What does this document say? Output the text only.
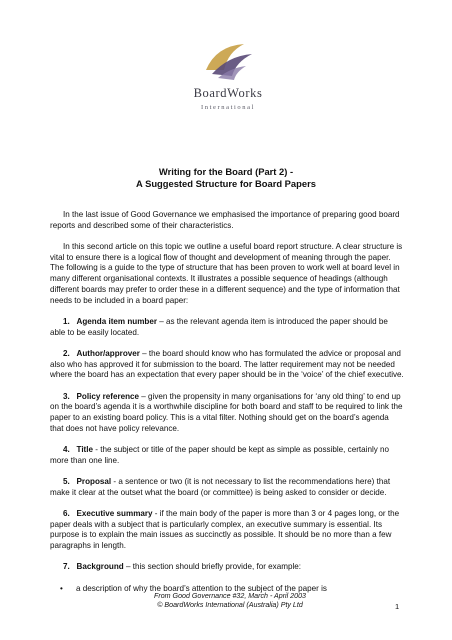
BoardWorks
International
Writing for the Board (Part 2) -
A Suggested Structure for Board Papers

In the last issue of Good Governance we emphasised the importance of preparing good board reports and described some of their characteristics.

In this second article on this topic we outline a useful board report structure. A clear structure is vital to ensure there is a logical flow of thought and development of meaning through the paper. The following is a guide to the type of structure that has been proven to work well at board level in many different organisational contexts. It illustrates a possible sequence of headings (although different boards may prefer to order these in a different sequence) and the type of information that needs to be included in a board paper:

1. Agenda item number – as the relevant agenda item is introduced the paper should be able to be easily located.

2. Author/approver – the board should know who has formulated the advice or proposal and also who has approved it for submission to the board. The latter requirement may not be needed where the board has an expectation that every paper should be in the ‘voice’ of the chief executive.

3. Policy reference – given the propensity in many organisations for ‘any old thing’ to end up on the board’s agenda it is a worthwhile discipline for both board and staff to be required to link the paper to an existing board policy. This is a vital filter. Nothing should get on the board’s agenda that does not have policy relevance.

4. Title - the subject or title of the paper should be kept as simple as possible, certainly no more than one line.

5. Proposal - a sentence or two (it is not necessary to list the recommendations here) that make it clear at the outset what the board (or committee) is being asked to consider or decide.

6. Executive summary - if the main body of the paper is more than 3 or 4 pages long, or the paper deals with a subject that is particularly complex, an executive summary is essential. Its purpose is to explain the main issues as succinctly as possible. It should be no more than a few paragraphs in length.

7. Background – this section should briefly provide, for example:

•	a description of why the board’s attention to the subject of the paper is
From Good Governance #32, March - April 2003
© BoardWorks International (Australia) Pty Ltd	1
